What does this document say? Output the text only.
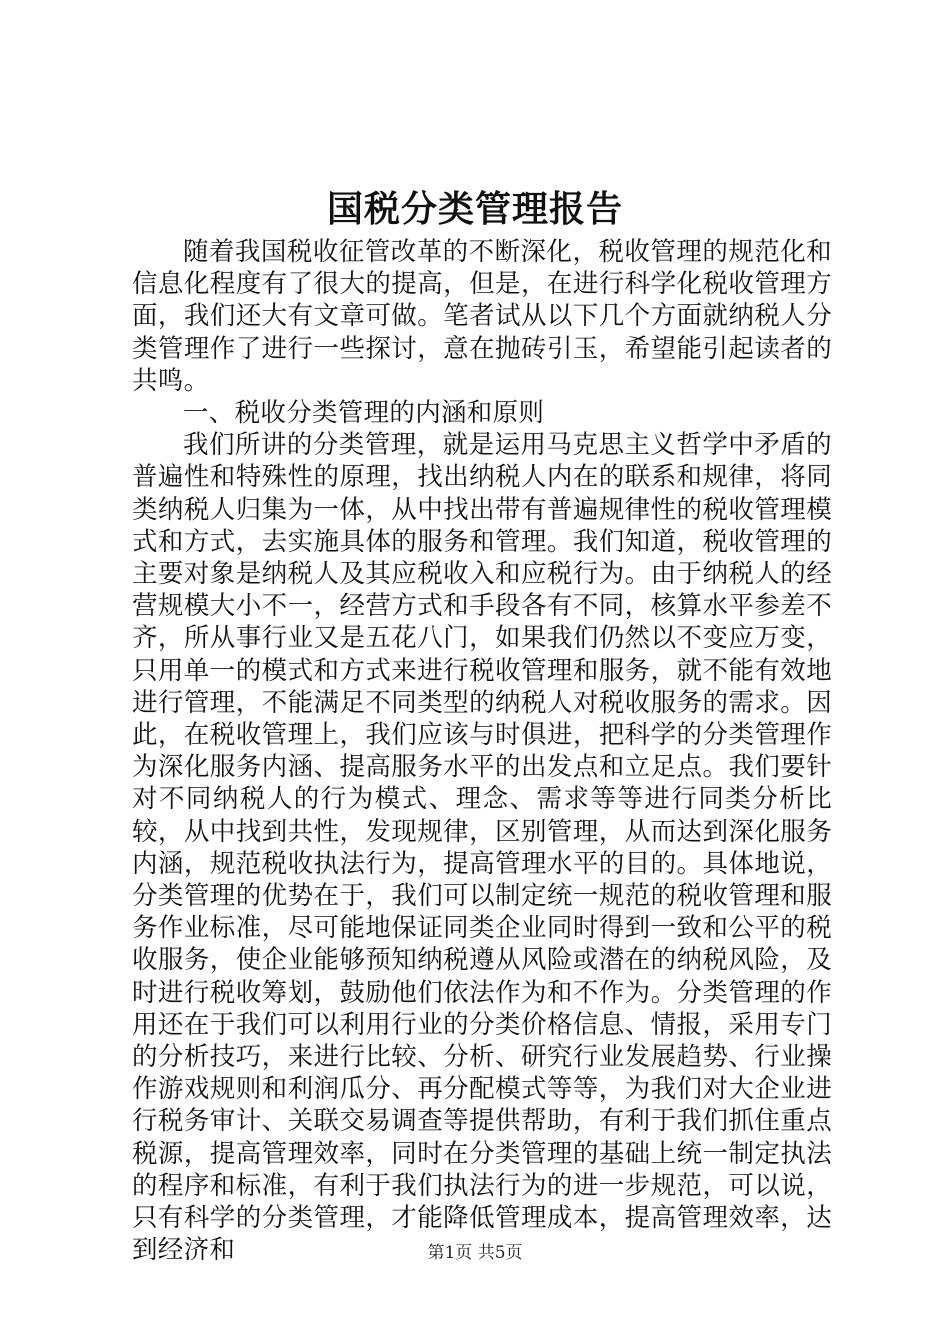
国税分类管理报告

随着我国税收征管改革的不断深化，税收管理的规范化和信息化程度有了很大的提高，但是，在进行科学化税收管理方面，我们还大有文章可做。笔者试从以下几个方面就纳税人分类管理作了进行一些探讨，意在抛砖引玉，希望能引起读者的共鸣。

一、税收分类管理的内涵和原则

我们所讲的分类管理，就是运用马克思主义哲学中矛盾的普遍性和特殊性的原理，找出纳税人内在的联系和规律，将同类纳税人归集为一体，从中找出带有普遍规律性的税收管理模式和方式，去实施具体的服务和管理。我们知道，税收管理的主要对象是纳税人及其应税收入和应税行为。由于纳税人的经营规模大小不一，经营方式和手段各有不同，核算水平参差不齐，所从事行业又是五花八门，如果我们仍然以不变应万变，只用单一的模式和方式来进行税收管理和服务，就不能有效地进行管理，不能满足不同类型的纳税人对税收服务的需求。因此，在税收管理上，我们应该与时俱进，把科学的分类管理作为深化服务内涵、提高服务水平的出发点和立足点。我们要针对不同纳税人的行为模式、理念、需求等等进行同类分析比较，从中找到共性，发现规律，区别管理，从而达到深化服务内涵，规范税收执法行为，提高管理水平的目的。具体地说，分类管理的优势在于，我们可以制定统一规范的税收管理和服务作业标准，尽可能地保证同类企业同时得到一致和公平的税收服务，使企业能够预知纳税遵从风险或潜在的纳税风险，及时进行税收筹划，鼓励他们依法作为和不作为。分类管理的作用还在于我们可以利用行业的分类价格信息、情报，采用专门的分析技巧，来进行比较、分析、研究行业发展趋势、行业操作游戏规则和利润瓜分、再分配模式等等，为我们对大企业进行税务审计、关联交易调查等提供帮助，有利于我们抓住重点税源，提高管理效率，同时在分类管理的基础上统一制定执法的程序和标准，有利于我们执法行为的进一步规范，可以说，只有科学的分类管理，才能降低管理成本，提高管理效率，达到经济和	第1页 共5页
